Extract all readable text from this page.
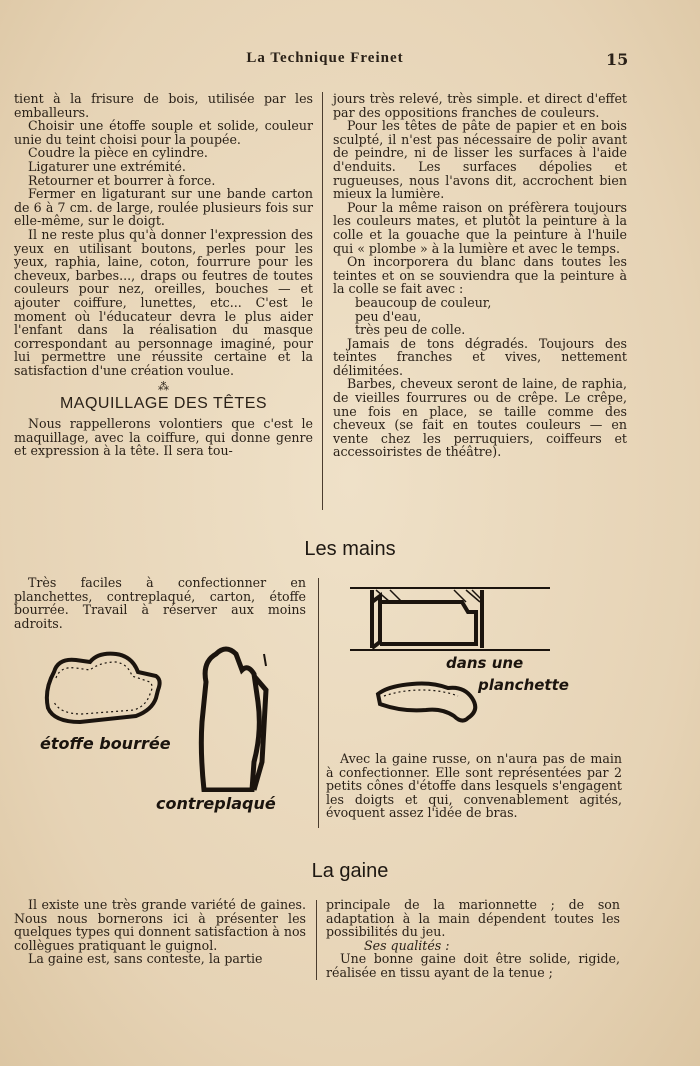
La Technique Freinet	15

tient à la frisure de bois, utilisée par les emballeurs.

Choisir une étoffe souple et solide, couleur unie du teint choisi pour la poupée.

Coudre la pièce en cylindre.

Ligaturer une extrémité.

Retourner et bourrer à force.

Fermer en ligaturant sur une bande carton de 6 à 7 cm. de large, roulée plusieurs fois sur elle-même, sur le doigt.

Il ne reste plus qu'à donner l'expression des yeux en utilisant boutons, perles pour les yeux, raphia, laine, coton, fourrure pour les cheveux, barbes..., draps ou feutres de toutes couleurs pour nez, oreilles, bouches — et ajouter coiffure, lunettes, etc... C'est le moment où l'éducateur devra le plus aider l'enfant dans la réalisation du masque correspondant au personnage imaginé, pour lui permettre une réussite certaine et la satisfaction d'une création voulue.

⁂
MAQUILLAGE DES TÊTES

Nous rappellerons volontiers que c'est le maquillage, avec la coiffure, qui donne genre et expression à la tête. Il sera tou-

jours très relevé, très simple. et direct d'effet par des oppositions franches de couleurs.

Pour les têtes de pâte de papier et en bois sculpté, il n'est pas nécessaire de polir avant de peindre, ni de lisser les surfaces à l'aide d'enduits. Les surfaces dépolies et rugueuses, nous l'avons dit, accrochent bien mieux la lumière.

Pour la même raison on préfèrera toujours les couleurs mates, et plutôt la peinture à la colle et la gouache que la peinture à l'huile qui « plombe » à la lumière et avec le temps.

On incorporera du blanc dans toutes les teintes et on se souviendra que la peinture à la colle se fait avec :

beaucoup de couleur,

peu d'eau,

très peu de colle.

Jamais de tons dégradés. Toujours des teintes franches et vives, nettement délimitées.

Barbes, cheveux seront de laine, de raphia, de vieilles fourrures ou de crêpe. Le crêpe, une fois en place, se taille comme des cheveux (se fait en toutes couleurs — en vente chez les perruquiers, coiffeurs et accessoiristes de théâtre).

Les mains

Très faciles à confectionner en planchettes, contreplaqué, carton, étoffe bourrée. Travail à réserver aux moins adroits.

étoffe bourrée
contreplaqué
dans une
planchette

Avec la gaine russe, on n'aura pas de main à confectionner. Elle sont représentées par 2 petits cônes d'étoffe dans lesquels s'engagent les doigts et qui, convenablement agités, évoquent assez l'idée de bras.

La gaine

Il existe une très grande variété de gaines. Nous nous bornerons ici à présenter les quelques types qui donnent satisfaction à nos collègues pratiquant le guignol.

La gaine est, sans conteste, la partie

principale de la marionnette ; de son adaptation à la main dépendent toutes les possibilités du jeu.

Ses qualités :

Une bonne gaine doit être solide, rigide, réalisée en tissu ayant de la tenue ;
